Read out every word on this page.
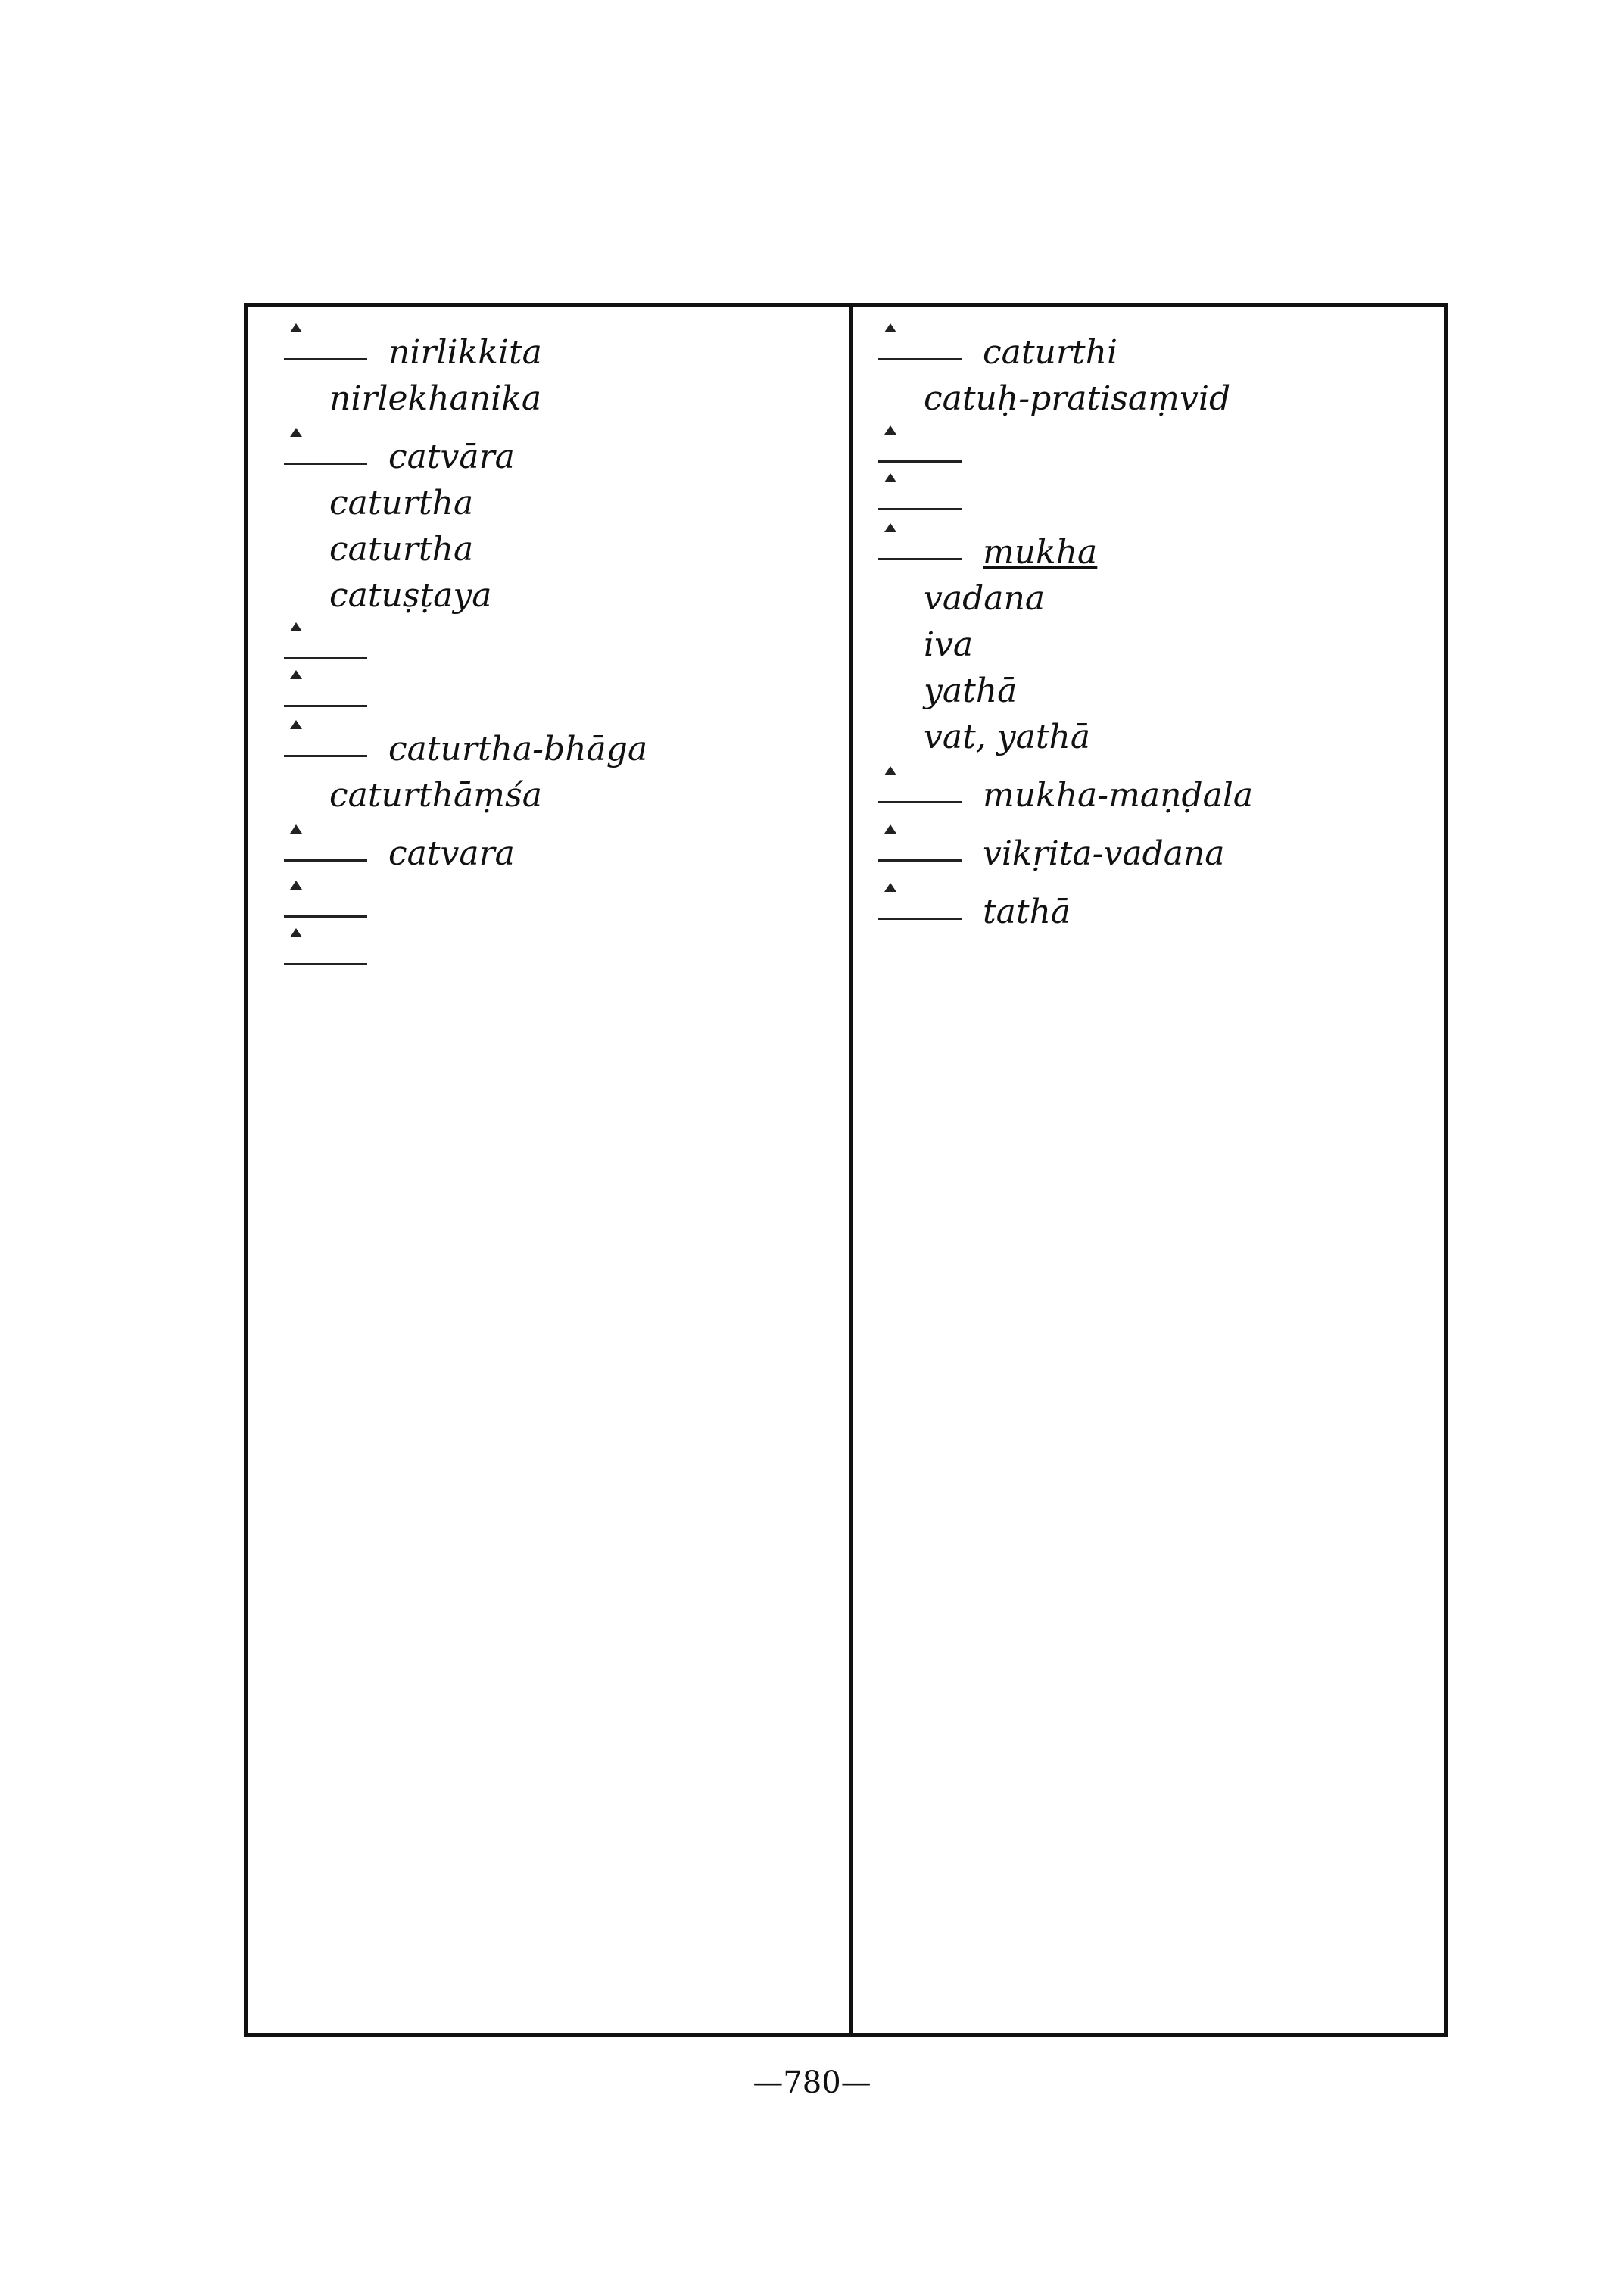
nirlikkita
nirlekhanika
catvāra
caturtha
caturtha
catuṣṭaya
caturtha-bhāga
caturthāṃśa
catvara
caturthi
catuḥ-pratisaṃvid
mukha
vadana
iva
yathā
vat, yathā
mukha-maṇḍala
vikṛita-vadana
tathā
—780—
